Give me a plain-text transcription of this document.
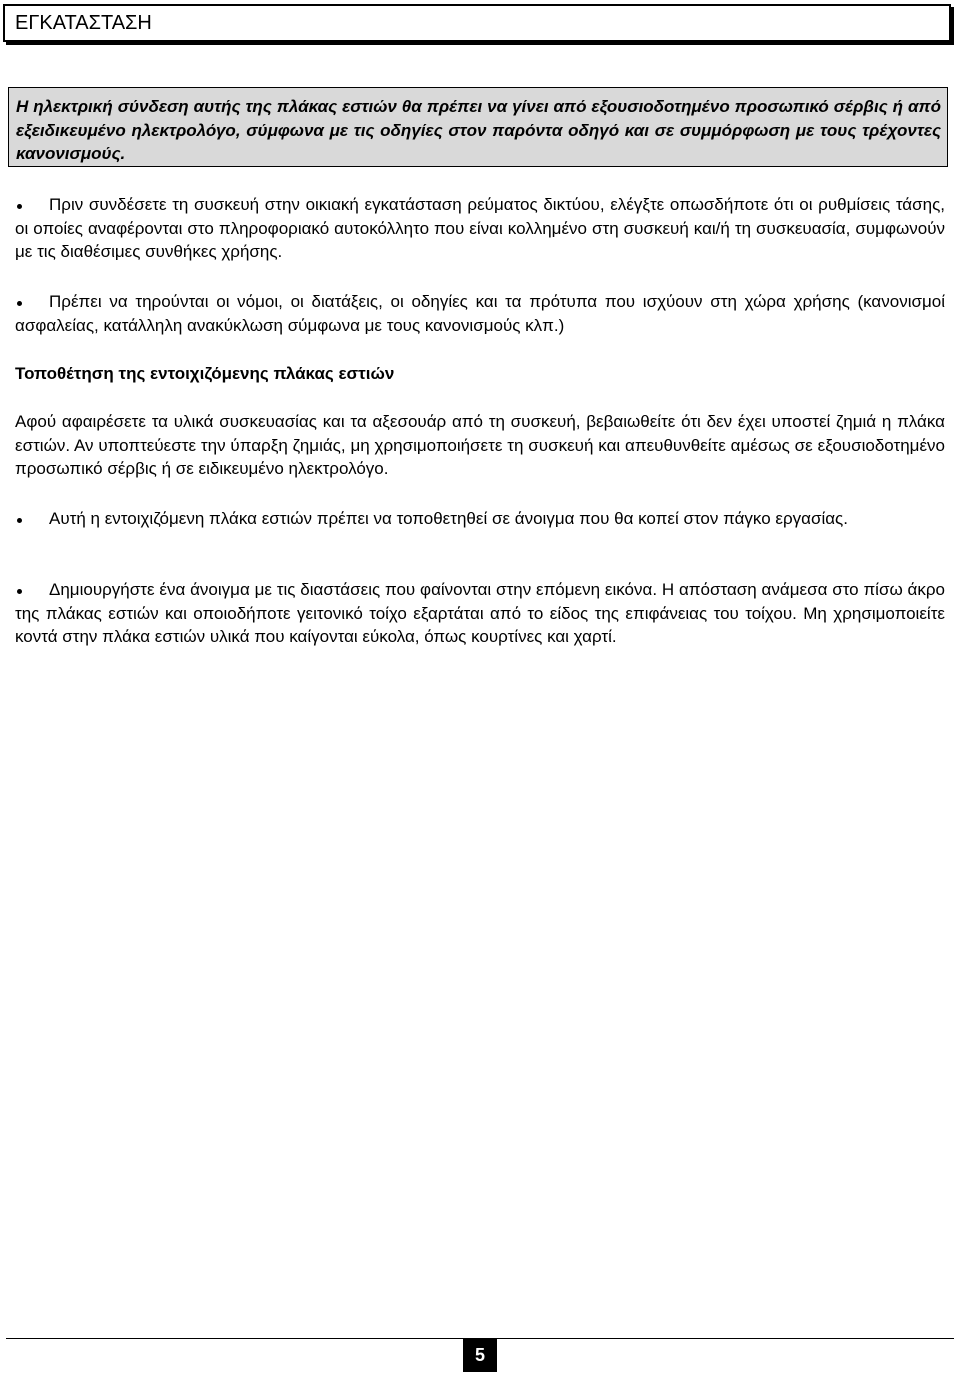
ΕΓΚΑΤΑΣΤΑΣΗ
Η ηλεκτρική σύνδεση αυτής της πλάκας εστιών θα πρέπει να γίνει από εξουσιοδοτημένο προσωπικό σέρβις ή από εξειδικευμένο ηλεκτρολόγο, σύμφωνα με τις οδηγίες στον παρόντα οδηγό και σε συμμόρφωση με τους τρέχοντες κανονισμούς.
Πριν συνδέσετε τη συσκευή στην οικιακή εγκατάσταση ρεύματος δικτύου, ελέγξτε οπωσδήποτε ότι οι ρυθμίσεις τάσης, οι οποίες αναφέρονται στο πληροφοριακό αυτοκόλλητο που είναι κολλημένο στη συσκευή και/ή τη συσκευασία, συμφωνούν με τις διαθέσιμες συνθήκες χρήσης.
Πρέπει να τηρούνται οι νόμοι, οι διατάξεις, οι οδηγίες και τα πρότυπα που ισχύουν στη χώρα χρήσης (κανονισμοί ασφαλείας, κατάλληλη ανακύκλωση σύμφωνα με τους κανονισμούς κλπ.)
Τοποθέτηση της εντοιχιζόμενης πλάκας εστιών
Αφού αφαιρέσετε τα υλικά συσκευασίας και τα αξεσουάρ από τη συσκευή, βεβαιωθείτε ότι δεν έχει υποστεί ζημιά η πλάκα εστιών. Αν υποπτεύεστε την ύπαρξη ζημιάς, μη χρησιμοποιήσετε τη συσκευή και απευθυνθείτε αμέσως σε εξουσιοδοτημένο προσωπικό σέρβις ή σε ειδικευμένο ηλεκτρολόγο.
Αυτή η εντοιχιζόμενη πλάκα εστιών πρέπει να τοποθετηθεί σε άνοιγμα που θα κοπεί στον πάγκο εργασίας.
Δημιουργήστε ένα άνοιγμα με τις διαστάσεις που φαίνονται στην επόμενη εικόνα. Η απόσταση ανάμεσα στο πίσω άκρο της πλάκας εστιών και οποιοδήποτε γειτονικό τοίχο εξαρτάται από το είδος της επιφάνειας του τοίχου. Μη χρησιμοποιείτε κοντά στην πλάκα εστιών υλικά που καίγονται εύκολα, όπως κουρτίνες και χαρτί.
5
